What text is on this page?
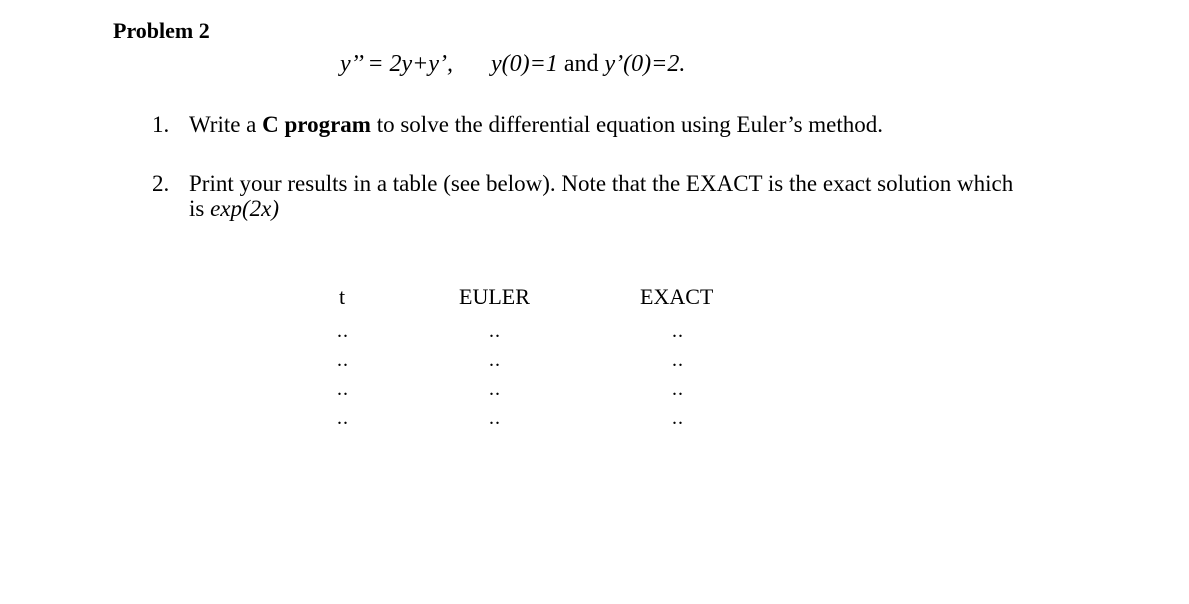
Problem 2
y’’ = 2y+y’, y(0)=1 and y’(0)=2.
1. Write a C program to solve the differential equation using Euler’s method.
2. Print your results in a table (see below). Note that the EXACT is the exact solution which
is exp(2x)
t	EULER	EXACT
..
..
..
..
..
..
..
..
..
..
..
..
